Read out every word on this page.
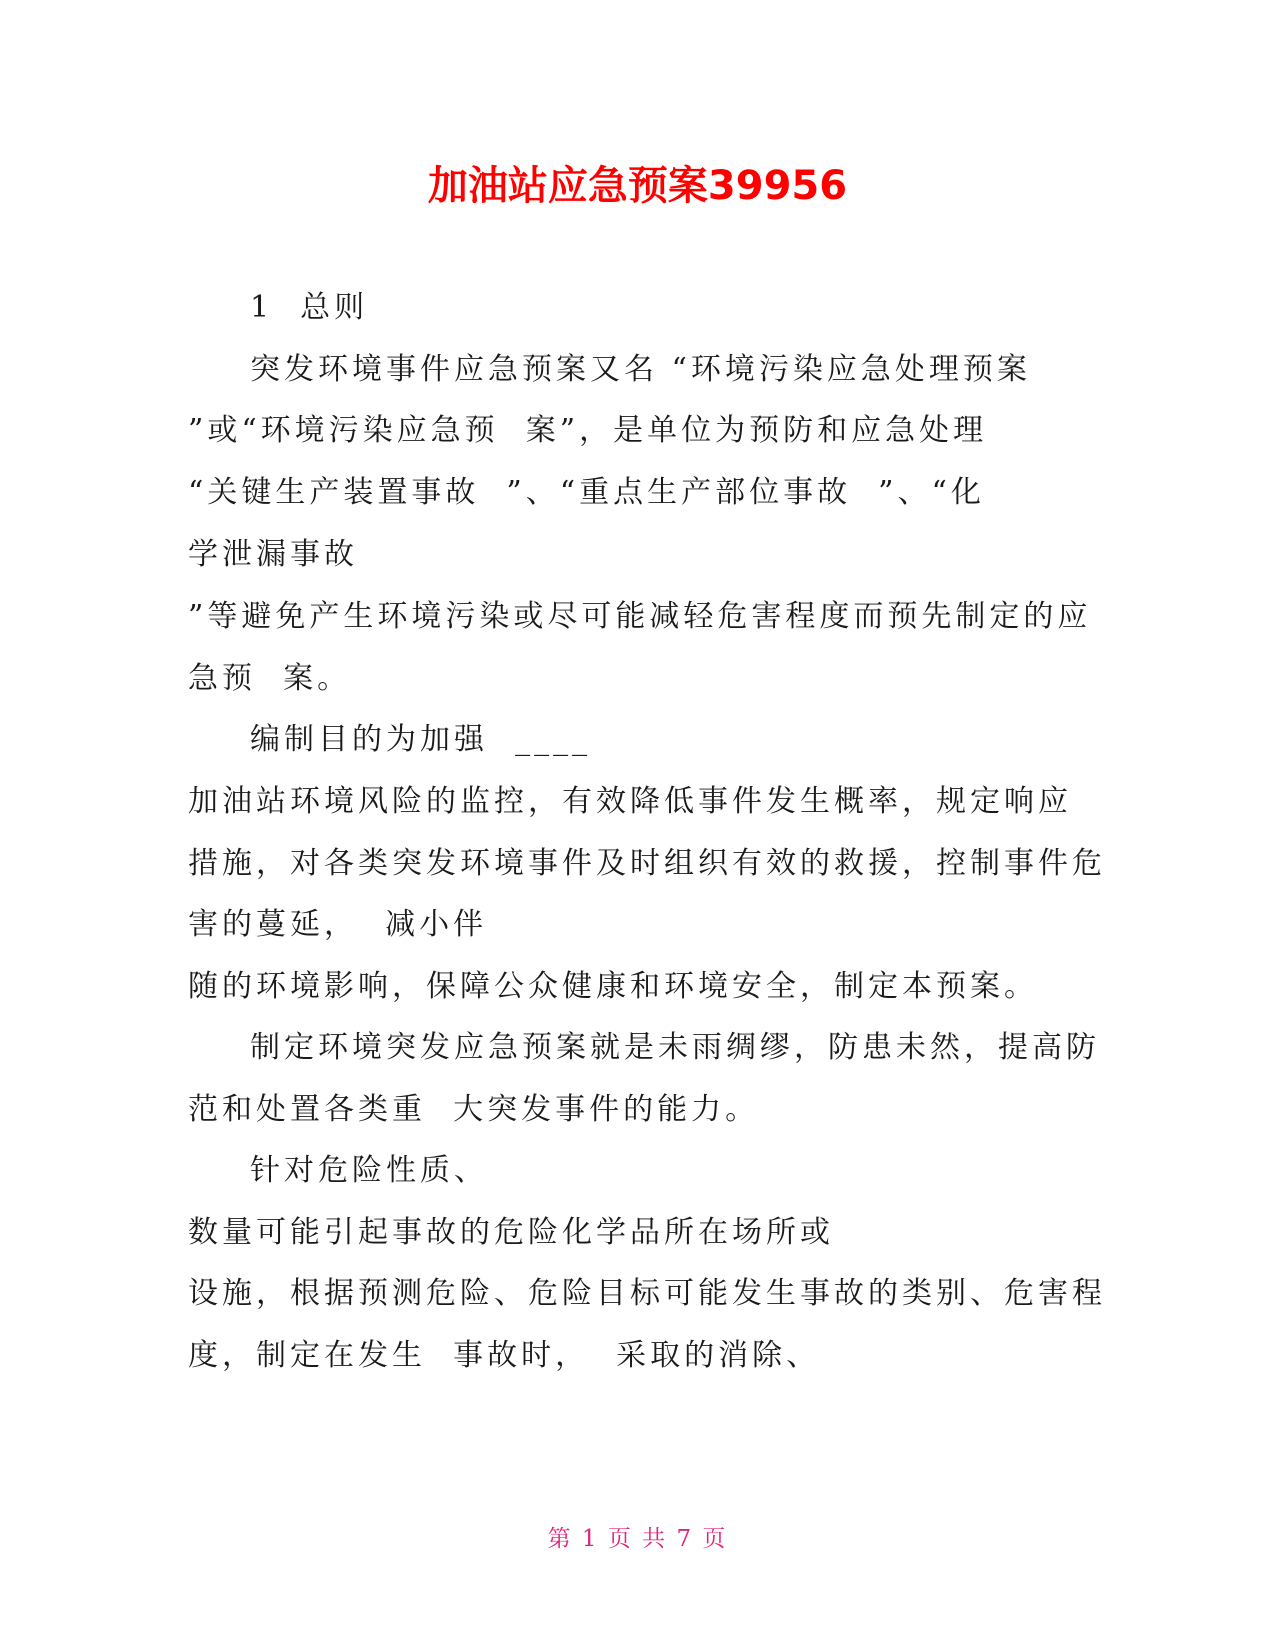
加油站应急预案39956
1  总则
突发环境事件应急预案又名 “环境污染应急处理预案
”或“环境污染应急预  案”，是单位为预防和应急处理
“关键生产装置事故  ”、“重点生产部位事故  ”、“化
学泄漏事故
”等避免产生环境污染或尽可能减轻危害程度而预先制定的应
急预  案。
编制目的为加强  ____
加油站环境风险的监控，有效降低事件发生概率，规定响应
措施，对各类突发环境事件及时组织有效的救援，控制事件危
害的蔓延，  减小伴
随的环境影响，保障公众健康和环境安全，制定本预案。
制定环境突发应急预案就是未雨绸缪，防患未然，提高防
范和处置各类重  大突发事件的能力。
针对危险性质、
数量可能引起事故的危险化学品所在场所或
设施，根据预测危险、危险目标可能发生事故的类别、危害程
度，制定在发生  事故时，  采取的消除、
第 1 页 共 7 页
